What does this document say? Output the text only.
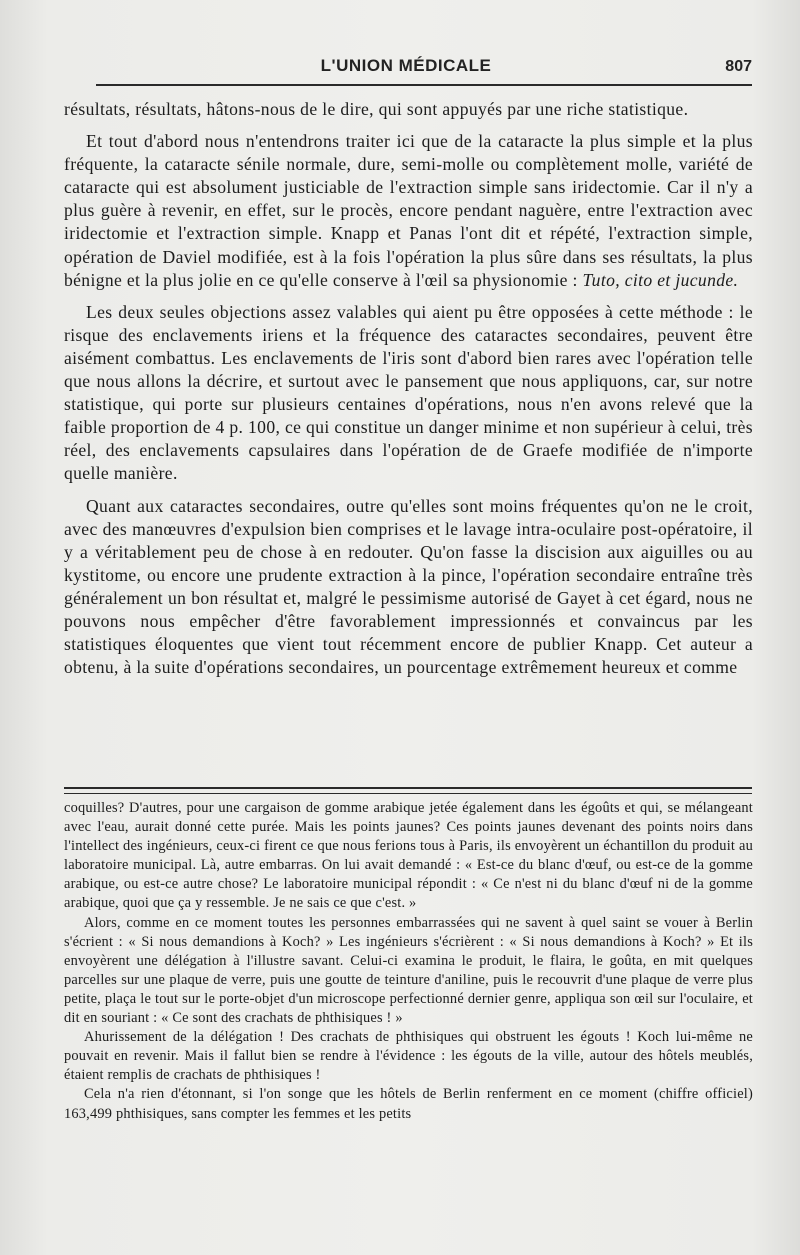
L'UNION MÉDICALE	807

résultats, résultats, hâtons-nous de le dire, qui sont appuyés par une riche statistique.

Et tout d'abord nous n'entendrons traiter ici que de la cataracte la plus simple et la plus fréquente, la cataracte sénile normale, dure, semi-molle ou complètement molle, variété de cataracte qui est absolument justiciable de l'extraction simple sans iridectomie. Car il n'y a plus guère à revenir, en effet, sur le procès, encore pendant naguère, entre l'extraction avec iridectomie et l'extraction simple. Knapp et Panas l'ont dit et répété, l'extraction simple, opération de Daviel modifiée, est à la fois l'opération la plus sûre dans ses résultats, la plus bénigne et la plus jolie en ce qu'elle conserve à l'œil sa physionomie : Tuto, cito et jucunde.

Les deux seules objections assez valables qui aient pu être opposées à cette méthode : le risque des enclavements iriens et la fréquence des cataractes secondaires, peuvent être aisément combattus. Les enclavements de l'iris sont d'abord bien rares avec l'opération telle que nous allons la décrire, et surtout avec le pansement que nous appliquons, car, sur notre statistique, qui porte sur plusieurs centaines d'opérations, nous n'en avons relevé que la faible proportion de 4 p. 100, ce qui constitue un danger minime et non supérieur à celui, très réel, des enclavements capsulaires dans l'opération de de Graefe modifiée de n'importe quelle manière.

Quant aux cataractes secondaires, outre qu'elles sont moins fréquentes qu'on ne le croit, avec des manœuvres d'expulsion bien comprises et le lavage intra-oculaire post-opératoire, il y a véritablement peu de chose à en redouter. Qu'on fasse la discision aux aiguilles ou au kystitome, ou encore une prudente extraction à la pince, l'opération secondaire entraîne très généralement un bon résultat et, malgré le pessimisme autorisé de Gayet à cet égard, nous ne pouvons nous empêcher d'être favorablement impressionnés et convaincus par les statistiques éloquentes que vient tout récemment encore de publier Knapp. Cet auteur a obtenu, à la suite d'opérations secondaires, un pourcentage extrêmement heureux et comme

coquilles? D'autres, pour une cargaison de gomme arabique jetée également dans les égoûts et qui, se mélangeant avec l'eau, aurait donné cette purée. Mais les points jaunes? Ces points jaunes devenant des points noirs dans l'intellect des ingénieurs, ceux-ci firent ce que nous ferions tous à Paris, ils envoyèrent un échantillon du produit au laboratoire municipal. Là, autre embarras. On lui avait demandé : « Est-ce du blanc d'œuf, ou est-ce de la gomme arabique, ou est-ce autre chose? Le laboratoire municipal répondit : « Ce n'est ni du blanc d'œuf ni de la gomme arabique, quoi que ça y ressemble. Je ne sais ce que c'est. »

Alors, comme en ce moment toutes les personnes embarrassées qui ne savent à quel saint se vouer à Berlin s'écrient : « Si nous demandions à Koch? » Les ingénieurs s'écrièrent : « Si nous demandions à Koch? » Et ils envoyèrent une délégation à l'illustre savant. Celui-ci examina le produit, le flaira, le goûta, en mit quelques parcelles sur une plaque de verre, puis une goutte de teinture d'aniline, puis le recouvrit d'une plaque de verre plus petite, plaça le tout sur le porte-objet d'un microscope perfectionné dernier genre, appliqua son œil sur l'oculaire, et dit en souriant : « Ce sont des crachats de phthisiques ! »

Ahurissement de la délégation ! Des crachats de phthisiques qui obstruent les égouts ! Koch lui-même ne pouvait en revenir. Mais il fallut bien se rendre à l'évidence : les égouts de la ville, autour des hôtels meublés, étaient remplis de crachats de phthisiques !

Cela n'a rien d'étonnant, si l'on songe que les hôtels de Berlin renferment en ce moment (chiffre officiel) 163,499 phthisiques, sans compter les femmes et les petits
